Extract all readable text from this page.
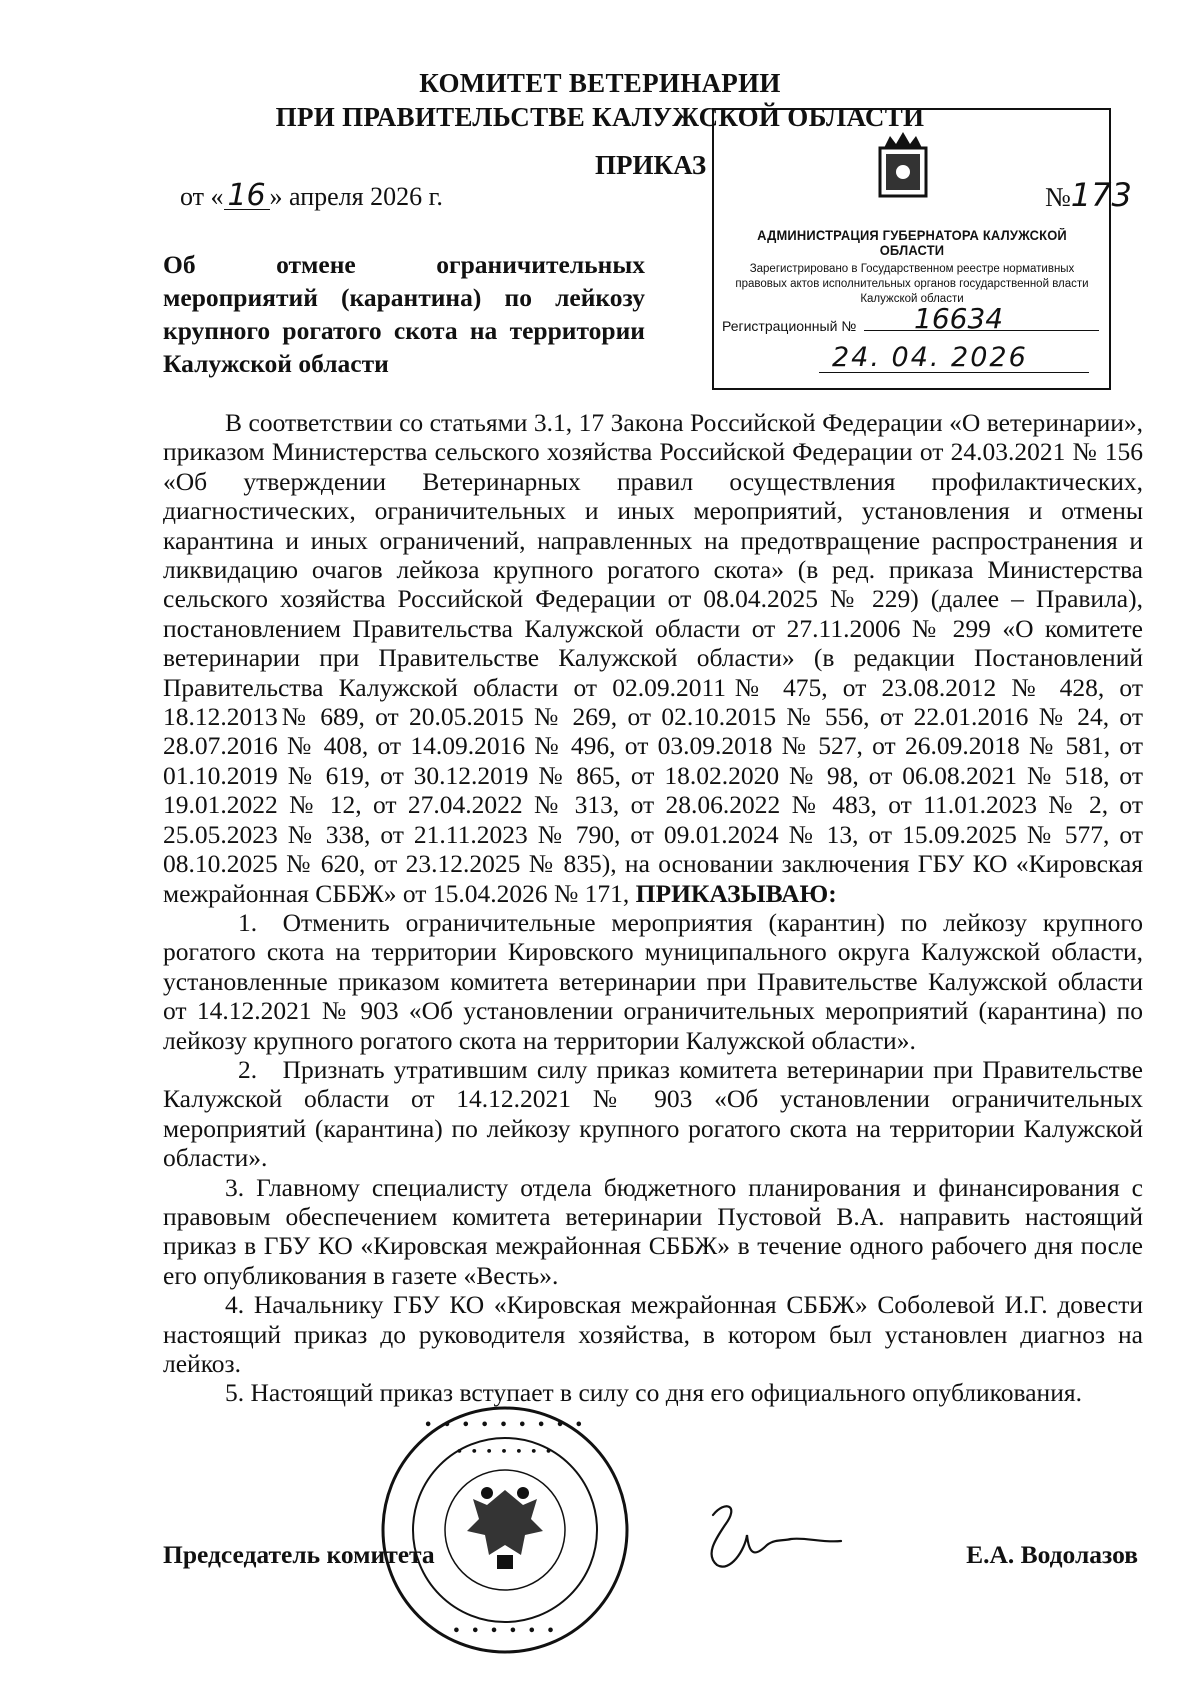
КОМИТЕТ ВЕТЕРИНАРИИ
ПРИ ПРАВИТЕЛЬСТВЕ КАЛУЖСКОЙ ОБЛАСТИ
ПРИКАЗ
от « 16 » апреля 2026 г.	№173
Об отмене ограничительных
мероприятий (карантина) по лейкозу
крупного рогатого скота на территории
Калужской области
АДМИНИСТРАЦИЯ ГУБЕРНАТОРА КАЛУЖСКОЙ ОБЛАСТИ
Зарегистрировано в Государственном реестре нормативных
правовых актов исполнительных органов государственной власти
Калужской области
Регистрационный № 16634
24. 04. 2026

В соответствии со статьями 3.1, 17 Закона Российской Федерации «О ветеринарии», приказом Министерства сельского хозяйства Российской Федерации от 24.03.2021 № 156 «Об утверждении Ветеринарных правил осуществления профилактических, диагностических, ограничительных и иных мероприятий, установления и отмены карантина и иных ограничений, направленных на предотвращение распространения и ликвидацию очагов лейкоза крупного рогатого скота» (в ред. приказа Министерства сельского хозяйства Российской Федерации от 08.04.2025 № 229) (далее – Правила), постановлением Правительства Калужской области от 27.11.2006 № 299 «О комитете ветеринарии при Правительстве Калужской области» (в редакции Постановлений Правительства Калужской области от 02.09.2011№ 475, от 23.08.2012 № 428, от 18.12.2013№ 689, от 20.05.2015 № 269, от 02.10.2015 № 556, от 22.01.2016 № 24, от 28.07.2016 № 408, от 14.09.2016 № 496, от 03.09.2018 № 527, от 26.09.2018 № 581, от 01.10.2019 № 619, от 30.12.2019 № 865, от 18.02.2020 № 98, от 06.08.2021 № 518, от 19.01.2022 № 12, от 27.04.2022 № 313, от 28.06.2022 № 483, от 11.01.2023 № 2, от 25.05.2023 № 338, от 21.11.2023 № 790, от 09.01.2024 № 13, от 15.09.2025 № 577, от 08.10.2025 № 620, от 23.12.2025 № 835), на основании заключения ГБУ КО «Кировская межрайонная СББЖ» от 15.04.2026 № 171, ПРИКАЗЫВАЮ:

1. Отменить ограничительные мероприятия (карантин) по лейкозу крупного рогатого скота на территории Кировского муниципального округа Калужской области, установленные приказом комитета ветеринарии при Правительстве Калужской области от 14.12.2021 № 903 «Об установлении ограничительных мероприятий (карантина) по лейкозу крупного рогатого скота на территории Калужской области».

2. Признать утратившим силу приказ комитета ветеринарии при Правительстве Калужской области от 14.12.2021 № 903 «Об установлении ограничительных мероприятий (карантина) по лейкозу крупного рогатого скота на территории Калужской области».

3. Главному специалисту отдела бюджетного планирования и финансирования с правовым обеспечением комитета ветеринарии Пустовой В.А. направить настоящий приказ в ГБУ КО «Кировская межрайонная СББЖ» в течение одного рабочего дня после его опубликования в газете «Весть».

4. Начальнику ГБУ КО «Кировская межрайонная СББЖ» Соболевой И.Г. довести настоящий приказ до руководителя хозяйства, в котором был установлен диагноз на лейкоз.

5. Настоящий приказ вступает в силу со дня его официального опубликования.

Председатель комитета	Е.А. Водолазов
• • • • • • • • •
• • • • • • •
• • • • • •
